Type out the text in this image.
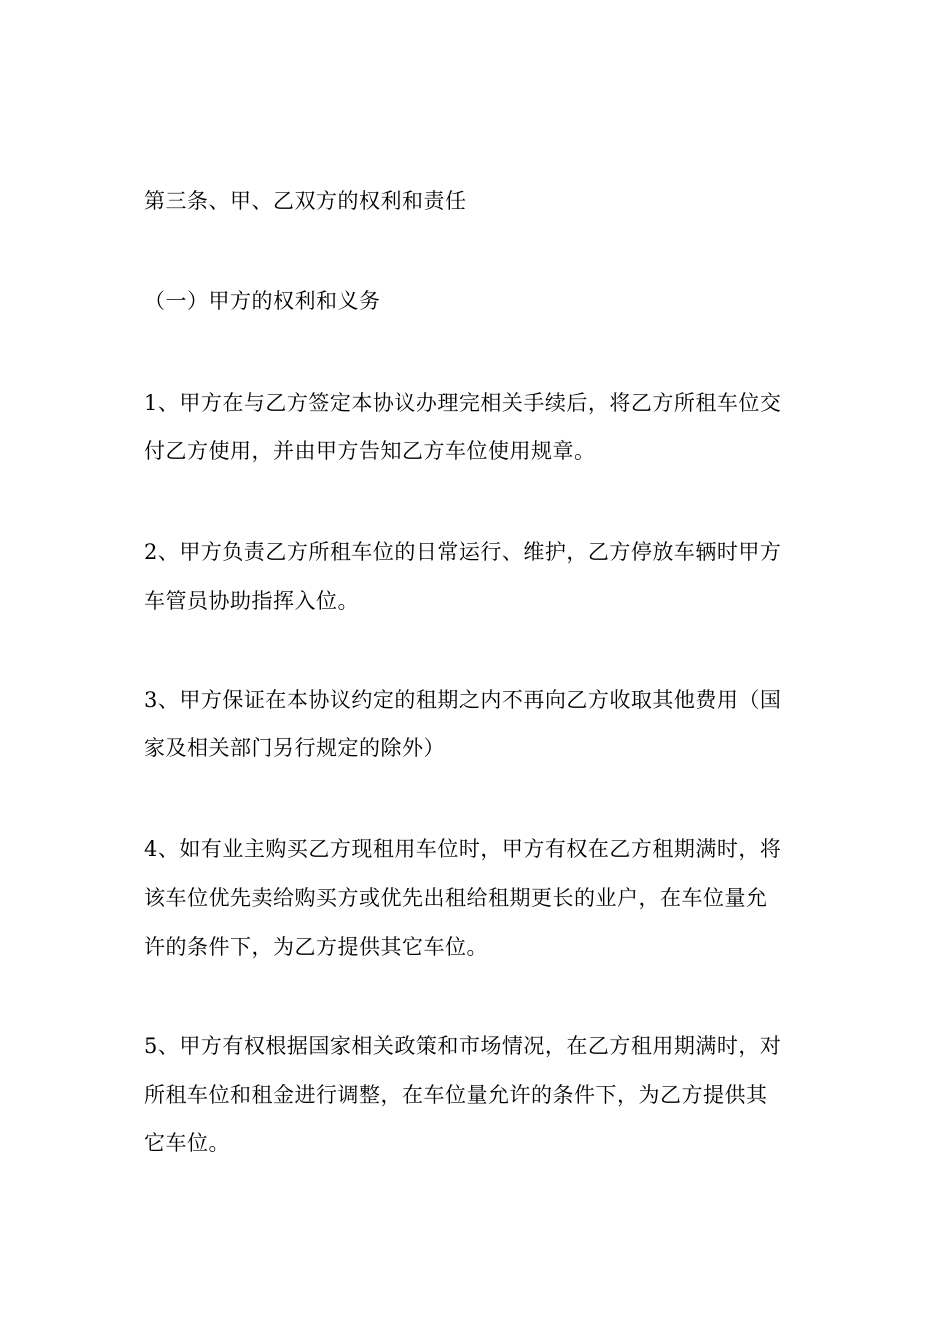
第三条、甲、乙双方的权利和责任
（一）甲方的权利和义务
1、甲方在与乙方签定本协议办理完相关手续后，将乙方所租车位交
付乙方使用，并由甲方告知乙方车位使用规章。
2、甲方负责乙方所租车位的日常运行、维护，乙方停放车辆时甲方
车管员协助指挥入位。
3、甲方保证在本协议约定的租期之内不再向乙方收取其他费用（国
家及相关部门另行规定的除外）
4、如有业主购买乙方现租用车位时，甲方有权在乙方租期满时，将
该车位优先卖给购买方或优先出租给租期更长的业户，在车位量允
许的条件下，为乙方提供其它车位。
5、甲方有权根据国家相关政策和市场情况，在乙方租用期满时，对
所租车位和租金进行调整，在车位量允许的条件下，为乙方提供其
它车位。
